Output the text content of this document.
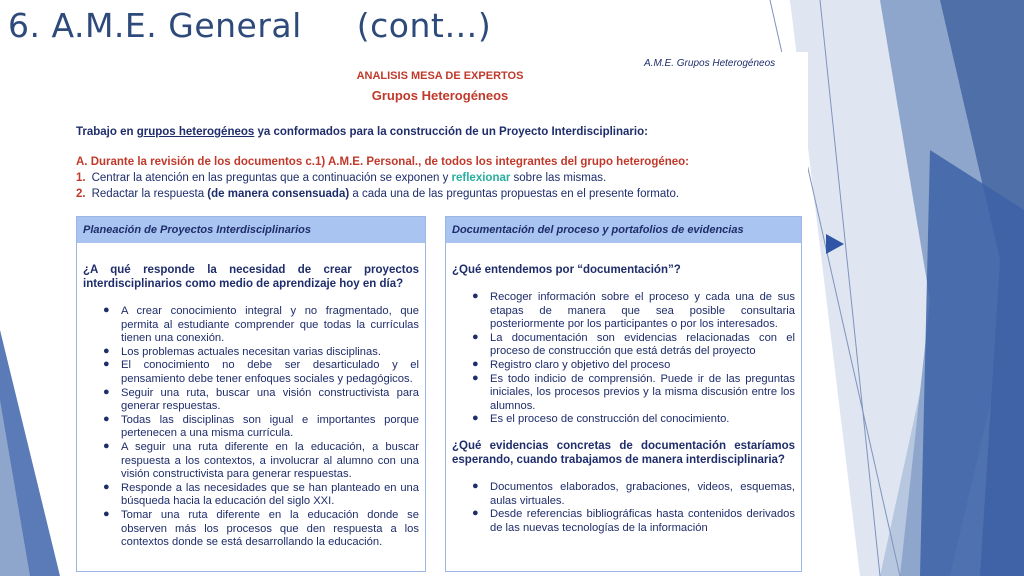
6. A.M.E. General     (cont…)
A.M.E. Grupos Heterogéneos
ANALISIS MESA DE EXPERTOS
Grupos Heterogéneos
Trabajo en grupos heterogéneos ya conformados para la construcción de un Proyecto Interdisciplinario:
A. Durante la revisión de los documentos c.1) A.M.E. Personal., de todos los integrantes del grupo heterogéneo:
1. Centrar la atención en las preguntas que a continuación se exponen y reflexionar sobre las mismas.
2. Redactar la respuesta (de manera consensuada) a cada una de las preguntas propuestas en el presente formato.
Planeación de Proyectos Interdisciplinarios

¿A qué responde la necesidad de crear proyectos interdisciplinarios como medio de aprendizaje hoy en día?

● A crear conocimiento integral y no fragmentado, que permita al estudiante comprender que todas la currículas tienen una conexión.
● Los problemas actuales necesitan varias disciplinas.
● El conocimiento no debe ser desarticulado y el pensamiento debe tener enfoques sociales y pedagógicos.
● Seguir una ruta, buscar una visión constructivista para generar respuestas.
● Todas las disciplinas son igual e importantes porque pertenecen a una misma currícula.
● A seguir una ruta diferente en la educación, a buscar respuesta a los contextos, a involucrar al alumno con una visión constructivista para generar respuestas.
● Responde a las necesidades que se han planteado en una búsqueda hacia la educación del siglo XXI.
● Tomar una ruta diferente en la educación donde se observen más los procesos que den respuesta a los contextos donde se está desarrollando la educación.
Documentación del proceso y portafolios de evidencias

¿Qué entendemos por “documentación”?

● Recoger información sobre el proceso y cada una de sus etapas de manera que sea posible consultaria posteriormente por los participantes o por los interesados.
● La documentación son evidencias relacionadas con el proceso de construcción que está detrás del proyecto
● Registro claro y objetivo del proceso
● Es todo indicio de comprensión. Puede ir de las preguntas iniciales, los procesos previos y la misma discusión entre los alumnos.
● Es el proceso de construcción del conocimiento.

¿Qué evidencias concretas de documentación estaríamos esperando, cuando trabajamos de manera interdisciplinaria?

● Documentos elaborados, grabaciones, videos, esquemas, aulas virtuales.
● Desde referencias bibliográficas hasta contenidos derivados de las nuevas tecnologías de la información
